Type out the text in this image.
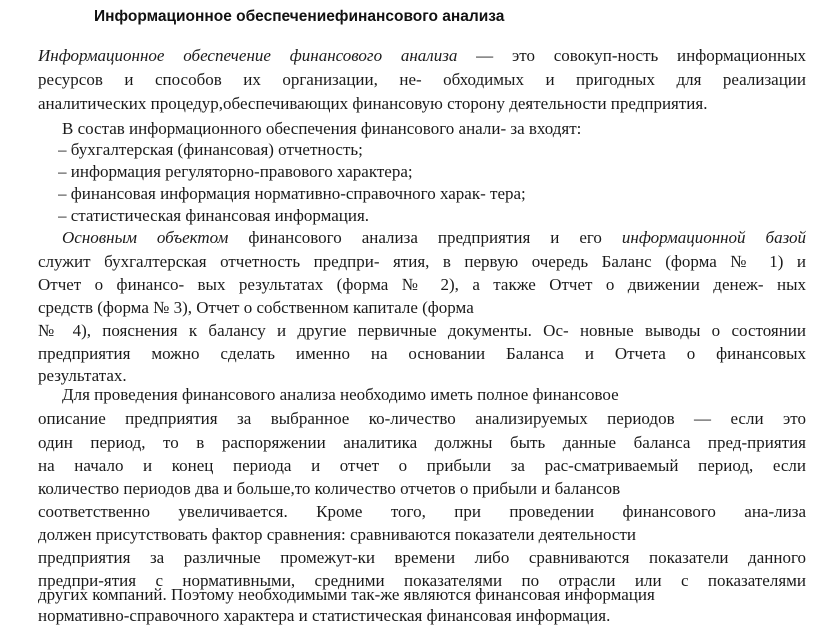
Информационное обеспечениефинансового анализа
Информационное обеспечение финансового анализа — это совокуп-ность информационных
ресурсов и способов их организации, не- обходимых и пригодных для реализации
аналитических процедур,обеспечивающих финансовую сторону деятельности предприятия.
В состав информационного обеспечения финансового анали- за входят:
– бухгалтерская (финансовая) отчетность;
– информация регуляторно-правового характера;
– финансовая информация нормативно-справочного харак- тера;
– статистическая финансовая информация.
Основным объектом финансового анализа предприятия и его информационной базой
служит бухгалтерская отчетность предпри- ятия, в первую очередь Баланс (форма № 1) и
Отчет о финансо- вых результатах (форма № 2), а также Отчет о движении денеж- ных
средств (форма № 3), Отчет о собственном капитале (форма
№ 4), пояснения к балансу и другие первичные документы. Ос- новные выводы о состоянии
предприятия можно сделать именно на основании Баланса и Отчета о финансовых
результатах.
Для проведения финансового анализа необходимо иметь полное финансовое
описание предприятия за выбранное ко-личество анализируемых периодов — если это
один период, то в распоряжении аналитика должны быть данные баланса пред-приятия
на начало и конец периода и отчет о прибыли за рас-сматриваемый период, если
количество периодов два и больше,то количество отчетов о прибыли и балансов
соответственно увеличивается. Кроме того, при проведении финансового ана-лиза
должен присутствовать фактор сравнения: сравниваются показатели деятельности
предприятия за различные промежут-ки времени либо сравниваются показатели данного
предпри-ятия с нормативными, средними показателями по отрасли или с показателями
других компаний. Поэтому необходимыми так-же являются финансовая информация
нормативно-справочного характера и статистическая финансовая информация.
